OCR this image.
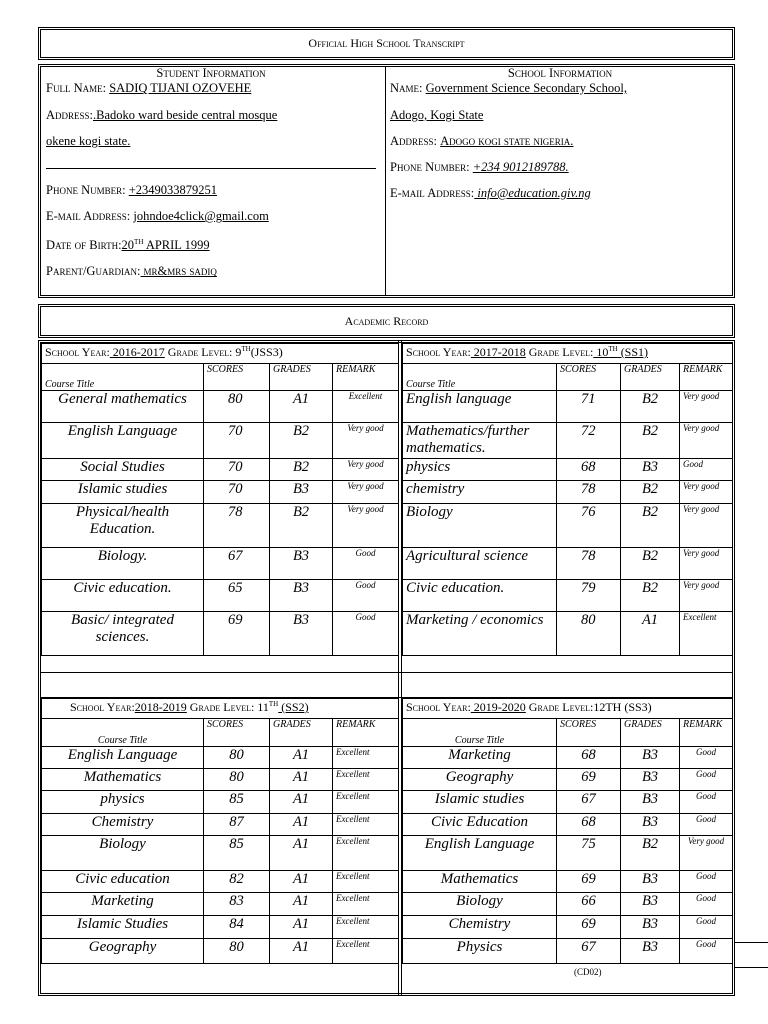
Official High School Transcript
Student Information
Full Name: SADIQ TIJANI OZOVEHE
Address:.Badoko ward beside central mosque
okene kogi state.
Phone Number: +2349033879251
E-mail Address: johndoe4click@gmail.com
Date of Birth:20TH APRIL 1999
Parent/Guardian: mr&mrs sadiq
School Information
Name: Government Science Secondary School,
Adogo, Kogi State
Address: Adogo kogi state nigeria.
Phone Number: +234 9012189788.
E-mail Address: info@education.giv.ng
Academic Record
School Year: 2016-2017 Grade Level: 9TH(JSS3)			
Course Title	SCORES	GRADES	REMARK
General mathematics	80	A1	Excellent
English Language	70	B2	Very good
Social Studies	70	B2	Very good
Islamic studies	70	B3	Very good
Physical/health Education.	78	B2	Very good
Biology.	67	B3	Good
Civic education.	65	B3	Good
Basic/ integrated sciences.	69	B3	Good
School Year: 2017-2018 Grade Level: 10TH (SS1)			
Course Title	SCORES	GRADES	REMARK
English language	71	B2	Very good
Mathematics/further mathematics.	72	B2	Very good
physics	68	B3	Good
chemistry	78	B2	Very good
Biology	76	B2	Very good
Agricultural science	78	B2	Very good
Civic education.	79	B2	Very good
Marketing / economics	80	A1	Excellent
School Year:2018-2019 Grade Level: 11TH (SS2)			
Course Title	SCORES	GRADES	REMARK
English Language	80	A1	Excellent
Mathematics	80	A1	Excellent
physics	85	A1	Excellent
Chemistry	87	A1	Excellent
Biology	85	A1	Excellent
Civic education	82	A1	Excellent
Marketing	83	A1	Excellent
Islamic Studies	84	A1	Excellent
Geography	80	A1	Excellent
School Year: 2019-2020 Grade Level:12TH (SS3)			
Course Title	SCORES	GRADES	REMARK
Marketing	68	B3	Good
Geography	69	B3	Good
Islamic studies	67	B3	Good
Civic Education	68	B3	Good
English Language	75	B2	Very good
Mathematics	69	B3	Good
Biology	66	B3	Good
Chemistry	69	B3	Good
Physics	67	B3	Good
(CD02)
